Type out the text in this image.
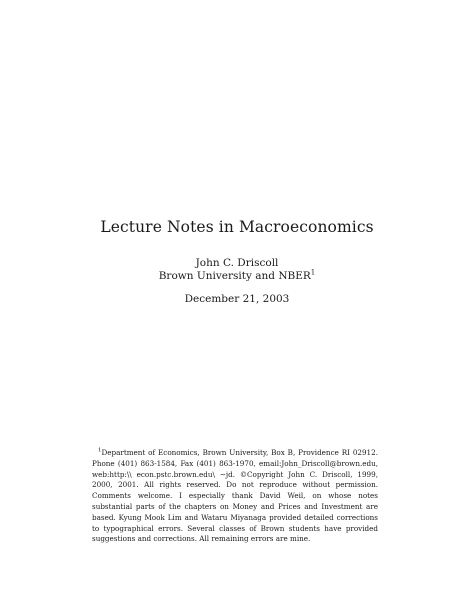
Lecture Notes in Macroeconomics
John C. Driscoll
Brown University and NBER$^1$
December 21, 2003

$^1$Department of Economics, Brown University, Box B, Providence RI 02912. Phone (401) 863-1584, Fax (401) 863-1970, email:John_Driscoll@brown.edu, web:http:\\ econ.pstc.brown.edu\ ∼jd. ©Copyright John C. Driscoll, 1999, 2000, 2001. All rights reserved. Do not reproduce without permission. Comments welcome. I especially thank David Weil, on whose notes substantial parts of the chapters on Money and Prices and Investment are based. Kyung Mook Lim and Wataru Miyanaga provided detailed corrections to typographical errors. Several classes of Brown students have provided suggestions and corrections. All remaining errors are mine.
